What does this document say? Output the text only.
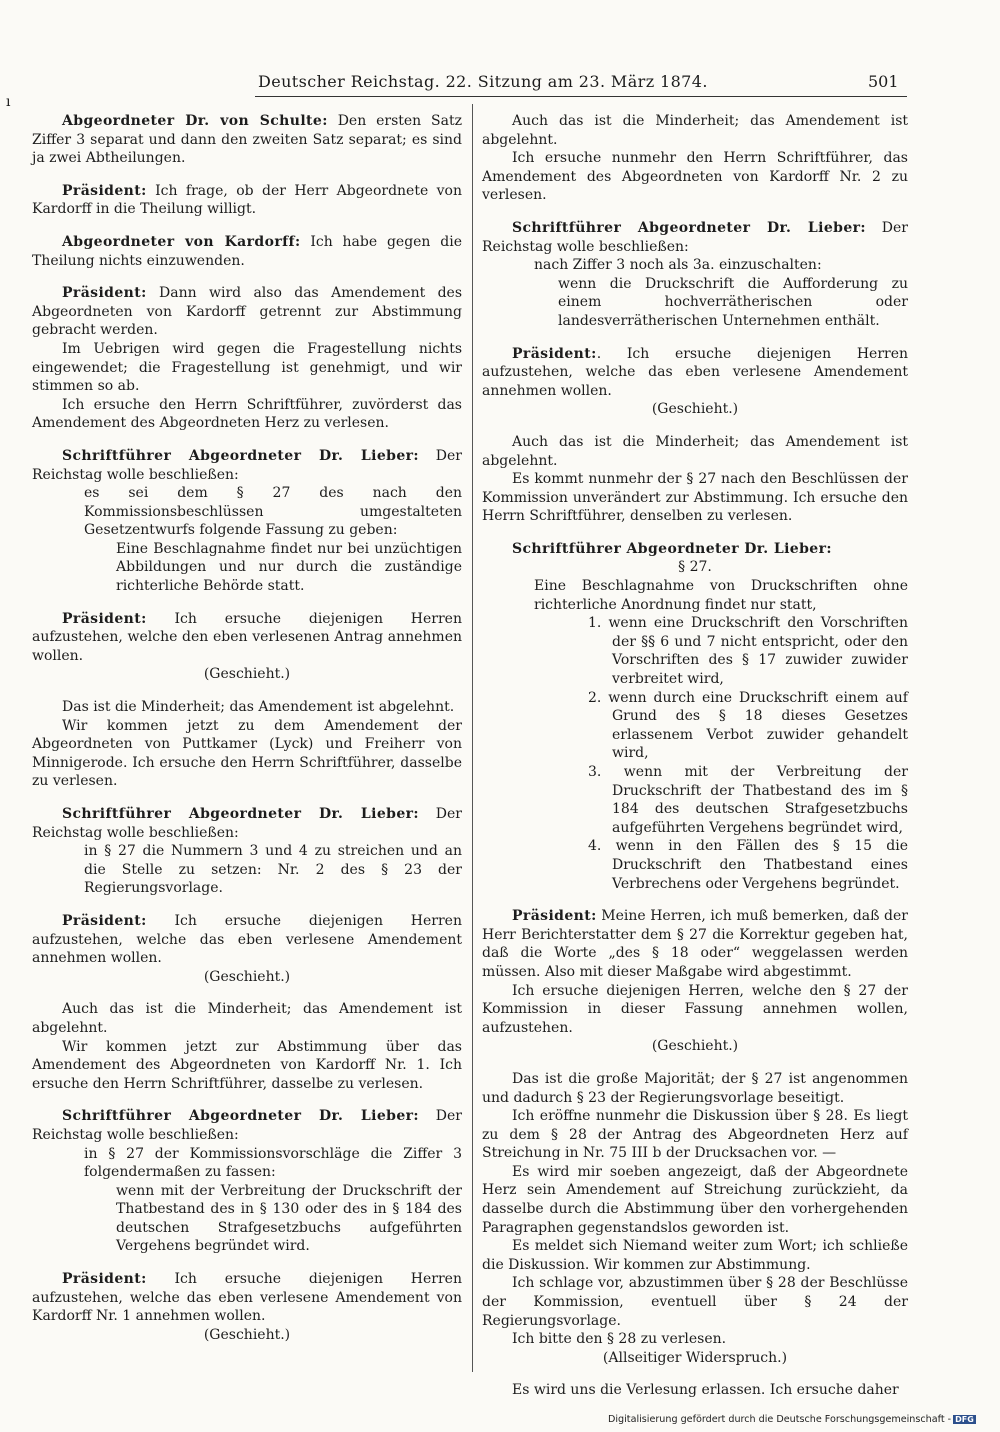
Deutscher Reichstag. 22. Sitzung am 23. März 1874.	501
ı

Abgeordneter Dr. von Schulte: Den ersten Satz Ziffer 3 separat und dann den zweiten Satz separat; es sind ja zwei Abtheilungen.

Präsident: Ich frage, ob der Herr Abgeordnete von Kardorff in die Theilung willigt.

Abgeordneter von Kardorff: Ich habe gegen die Theilung nichts einzuwenden.

Präsident: Dann wird also das Amendement des Abgeordneten von Kardorff getrennt zur Abstimmung gebracht werden.

Im Uebrigen wird gegen die Fragestellung nichts eingewendet; die Fragestellung ist genehmigt, und wir stimmen so ab.

Ich ersuche den Herrn Schriftführer, zuvörderst das Amendement des Abgeordneten Herz zu verlesen.

Schriftführer Abgeordneter Dr. Lieber: Der Reichstag wolle beschließen:

es sei dem § 27 des nach den Kommissionsbeschlüssen umgestalteten Gesetzentwurfs folgende Fassung zu geben:

Eine Beschlagnahme findet nur bei unzüchtigen Abbildungen und nur durch die zuständige richterliche Behörde statt.

Präsident: Ich ersuche diejenigen Herren aufzustehen, welche den eben verlesenen Antrag annehmen wollen.

(Geschieht.)

Das ist die Minderheit; das Amendement ist abgelehnt.

Wir kommen jetzt zu dem Amendement der Abgeordneten von Puttkamer (Lyck) und Freiherr von Minnigerode. Ich ersuche den Herrn Schriftführer, dasselbe zu verlesen.

Schriftführer Abgeordneter Dr. Lieber: Der Reichstag wolle beschließen:

in § 27 die Nummern 3 und 4 zu streichen und an die Stelle zu setzen: Nr. 2 des § 23 der Regierungsvorlage.

Präsident: Ich ersuche diejenigen Herren aufzustehen, welche das eben verlesene Amendement annehmen wollen.

(Geschieht.)

Auch das ist die Minderheit; das Amendement ist abgelehnt.

Wir kommen jetzt zur Abstimmung über das Amendement des Abgeordneten von Kardorff Nr. 1. Ich ersuche den Herrn Schriftführer, dasselbe zu verlesen.

Schriftführer Abgeordneter Dr. Lieber: Der Reichstag wolle beschließen:

in § 27 der Kommissionsvorschläge die Ziffer 3 folgendermaßen zu fassen:

wenn mit der Verbreitung der Druckschrift der Thatbestand des in § 130 oder des in § 184 des deutschen Strafgesetzbuchs aufgeführten Vergehens begründet wird.

Präsident: Ich ersuche diejenigen Herren aufzustehen, welche das eben verlesene Amendement von Kardorff Nr. 1 annehmen wollen.

(Geschieht.)

Auch das ist die Minderheit; das Amendement ist abgelehnt.

Ich ersuche nunmehr den Herrn Schriftführer, das Amendement des Abgeordneten von Kardorff Nr. 2 zu verlesen.

Schriftführer Abgeordneter Dr. Lieber: Der Reichstag wolle beschließen:

nach Ziffer 3 noch als 3a. einzuschalten:

wenn die Druckschrift die Aufforderung zu einem hochverrätherischen oder landesverrätherischen Unternehmen enthält.

Präsident:. Ich ersuche diejenigen Herren aufzustehen, welche das eben verlesene Amendement annehmen wollen.

(Geschieht.)

Auch das ist die Minderheit; das Amendement ist abgelehnt.

Es kommt nunmehr der § 27 nach den Beschlüssen der Kommission unverändert zur Abstimmung. Ich ersuche den Herrn Schriftführer, denselben zu verlesen.

Schriftführer Abgeordneter Dr. Lieber:

§ 27.

Eine Beschlagnahme von Druckschriften ohne richterliche Anordnung findet nur statt,

1. wenn eine Druckschrift den Vorschriften der §§ 6 und 7 nicht entspricht, oder den Vorschriften des § 17 zuwider zuwider verbreitet wird,

2. wenn durch eine Druckschrift einem auf Grund des § 18 dieses Gesetzes erlassenem Verbot zuwider gehandelt wird,

3. wenn mit der Verbreitung der Druckschrift der Thatbestand des im § 184 des deutschen Strafgesetzbuchs aufgeführten Vergehens begründet wird,

4. wenn in den Fällen des § 15 die Druckschrift den Thatbestand eines Verbrechens oder Vergehens begründet.

Präsident: Meine Herren, ich muß bemerken, daß der Herr Berichterstatter dem § 27 die Korrektur gegeben hat, daß die Worte „des § 18 oder“ weggelassen werden müssen. Also mit dieser Maßgabe wird abgestimmt.

Ich ersuche diejenigen Herren, welche den § 27 der Kommission in dieser Fassung annehmen wollen, aufzustehen.

(Geschieht.)

Das ist die große Majorität; der § 27 ist angenommen und dadurch § 23 der Regierungsvorlage beseitigt.

Ich eröffne nunmehr die Diskussion über § 28. Es liegt zu dem § 28 der Antrag des Abgeordneten Herz auf Streichung in Nr. 75 III b der Drucksachen vor. —

Es wird mir soeben angezeigt, daß der Abgeordnete Herz sein Amendement auf Streichung zurückzieht, da dasselbe durch die Abstimmung über den vorhergehenden Paragraphen gegenstandslos geworden ist.

Es meldet sich Niemand weiter zum Wort; ich schließe die Diskussion. Wir kommen zur Abstimmung.

Ich schlage vor, abzustimmen über § 28 der Beschlüsse der Kommission, eventuell über § 24 der Regierungsvorlage.

Ich bitte den § 28 zu verlesen.

(Allseitiger Widerspruch.)

Es wird uns die Verlesung erlassen. Ich ersuche daher

Digitalisierung gefördert durch die Deutsche Forschungsgemeinschaft - DFG
